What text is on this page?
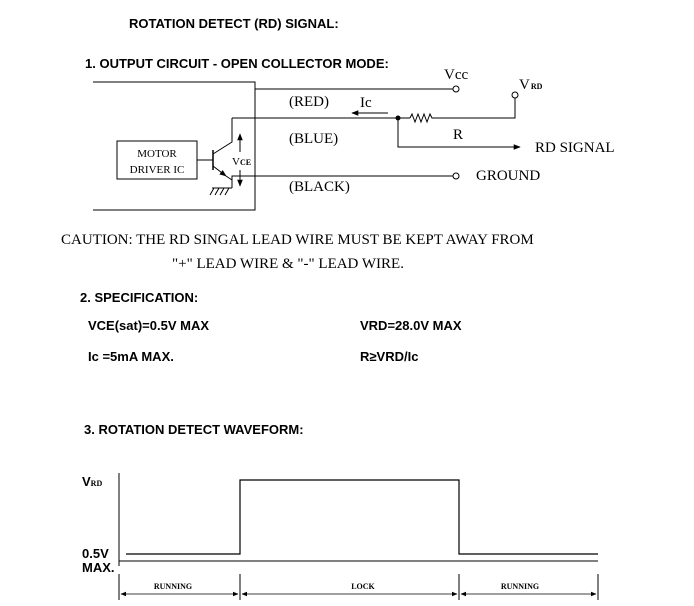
ROTATION DETECT (RD) SIGNAL:
1. OUTPUT CIRCUIT - OPEN COLLECTOR MODE:
Vcc
(RED) Ic
(BLUE)
VRD
R
RD SIGNAL
GROUND
(BLACK)
MOTOR
DRIVER IC
VCE
CAUTION: THE RD SINGAL LEAD WIRE MUST BE KEPT AWAY FROM
"+" LEAD WIRE & "-" LEAD WIRE.
2. SPECIFICATION:
VCE(sat)=0.5V MAX	VRD=28.0V MAX
Ic =5mA MAX.	R≥VRD/Ic
3. ROTATION DETECT WAVEFORM:
VRD
0.5V
MAX.
RUNNING	LOCK	RUNNING
